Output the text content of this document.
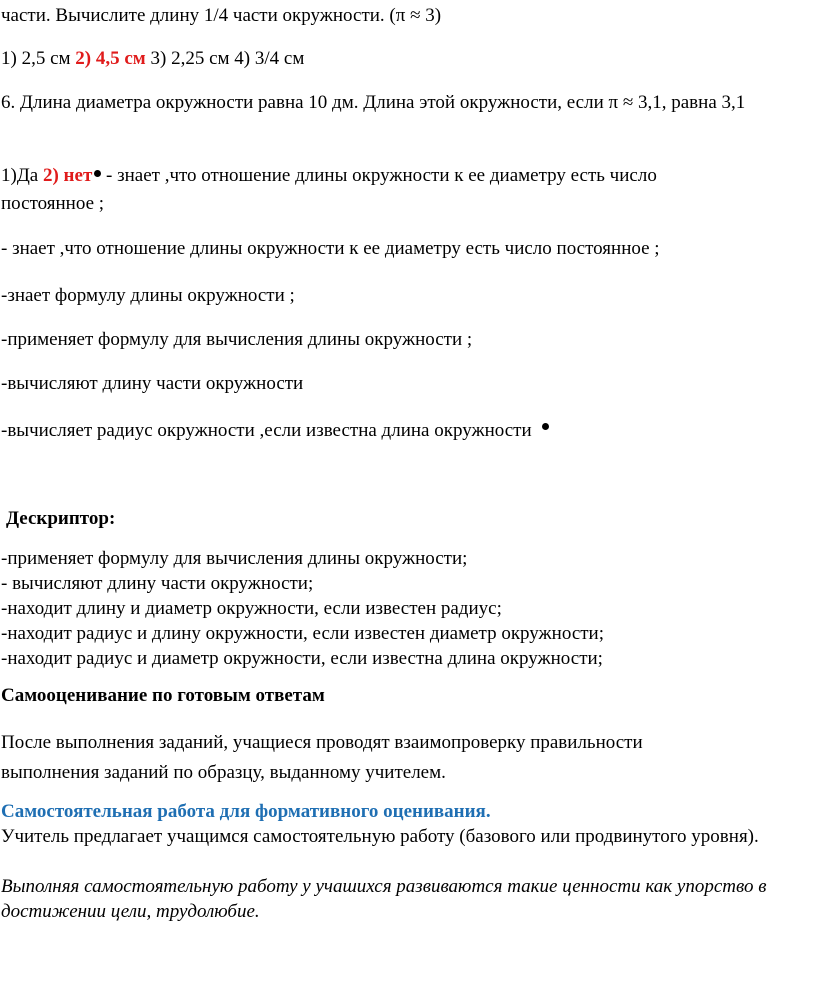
части. Вычислите длину 1/4 части окружности. (π ≈ 3)
1) 2,5 см 2) 4,5 см 3) 2,25 см 4) 3/4 см
6. Длина диаметра окружности равна 10 дм. Длина этой окружности, если π ≈ 3,1, равна 3,1
1)Да 2) нет - знает ,что отношение длины окружности к ее диаметру есть число постоянное ;
- знает ,что отношение длины окружности к ее диаметру есть число постоянное ;
-знает формулу длины окружности ;
-применяет формулу для вычисления длины окружности ;
-вычисляют длину части окружности
-вычисляет радиус окружности ,если известна длина окружности
Дескриптор:
-применяет формулу для вычисления длины окружности;
- вычисляют длину части окружности;
-находит длину и диаметр окружности, если известен радиус;
-находит радиус и длину окружности, если известен диаметр окружности;
-находит радиус и диаметр окружности, если известна длина окружности;
Самооценивание по готовым ответам
После выполнения заданий, учащиеся проводят взаимопроверку правильности выполнения заданий по образцу, выданному учителем.
Самостоятельная работа для формативного оценивания.
Учитель предлагает учащимся самостоятельную работу (базового или продвинутого уровня).
Выполняя самостоятельную работу у учашихся развиваются такие ценности как упорство в достижении цели, трудолюбие.
